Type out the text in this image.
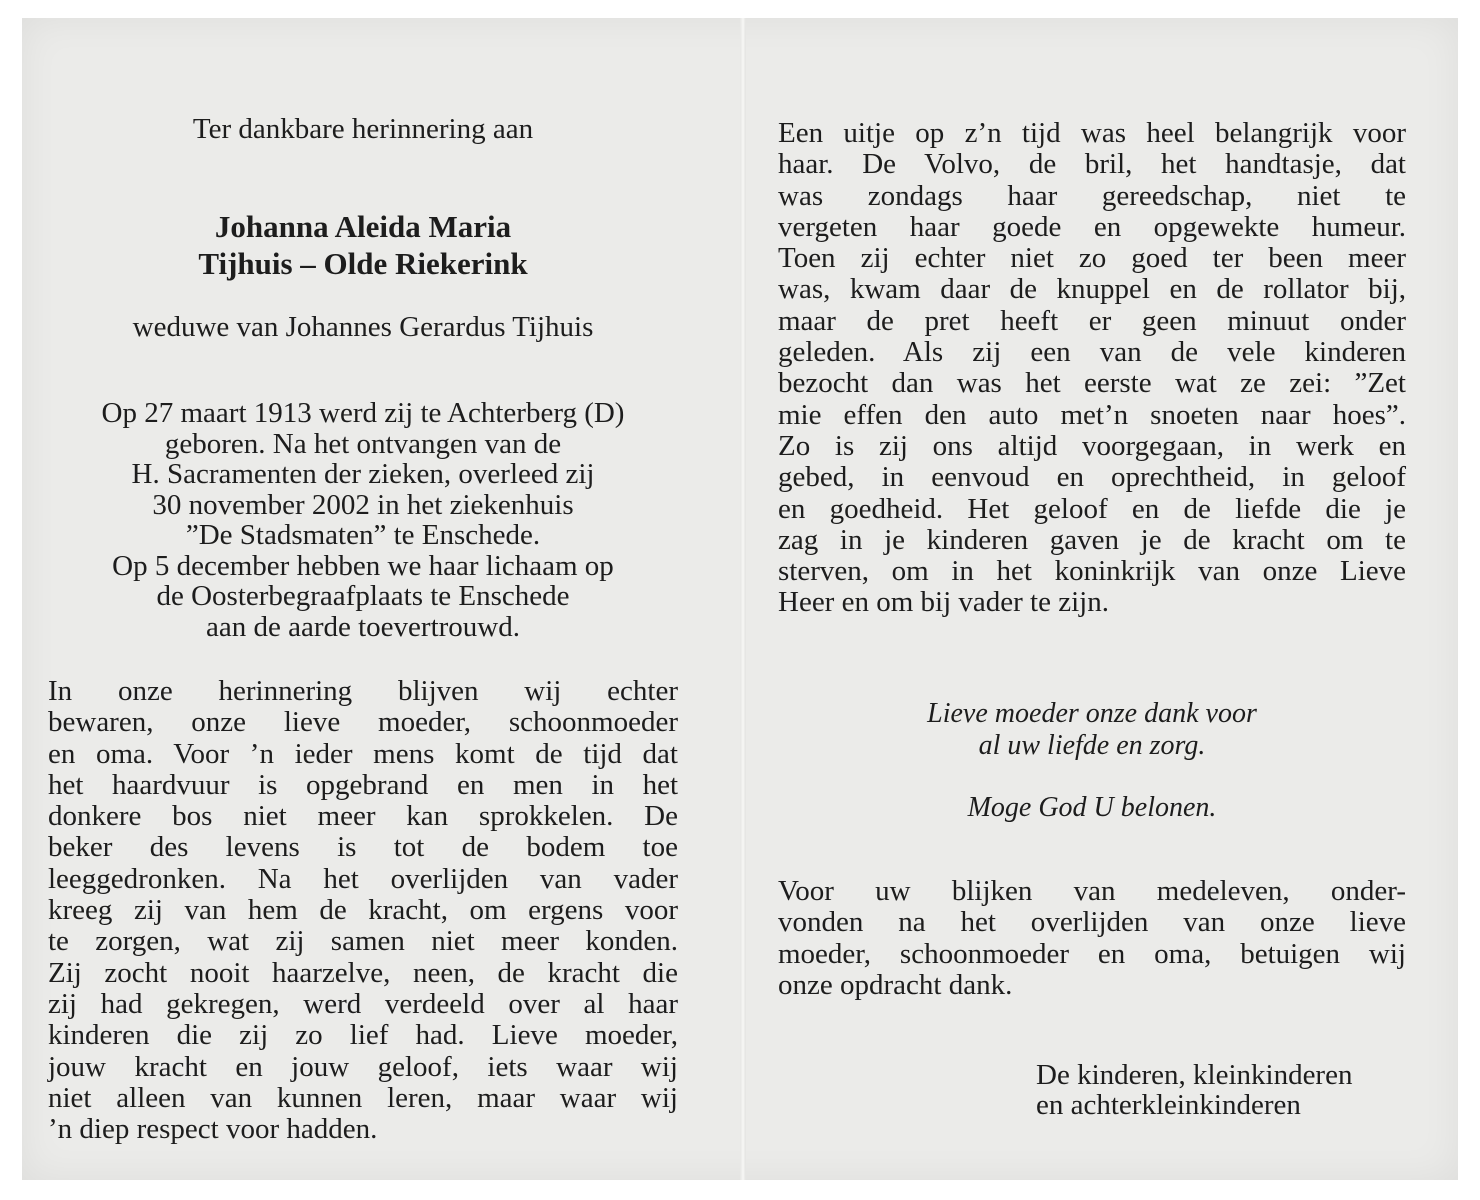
Ter dankbare herinnering aan
Johanna Aleida Maria
Tijhuis – Olde Riekerink
weduwe van Johannes Gerardus Tijhuis
Op 27 maart 1913 werd zij te Achterberg (D)
geboren. Na het ontvangen van de
H. Sacramenten der zieken, overleed zij
30 november 2002 in het ziekenhuis
”De Stadsmaten” te Enschede.
Op 5 december hebben we haar lichaam op
de Oosterbegraafplaats te Enschede
aan de aarde toevertrouwd.
In onze herinnering blijven wij echter
bewaren, onze lieve moeder, schoonmoeder
en oma. Voor ’n ieder mens komt de tijd dat
het haardvuur is opgebrand en men in het
donkere bos niet meer kan sprokkelen. De
beker des levens is tot de bodem toe
leeggedronken. Na het overlijden van vader
kreeg zij van hem de kracht, om ergens voor
te zorgen, wat zij samen niet meer konden.
Zij zocht nooit haarzelve, neen, de kracht die
zij had gekregen, werd verdeeld over al haar
kinderen die zij zo lief had. Lieve moeder,
jouw kracht en jouw geloof, iets waar wij
niet alleen van kunnen leren, maar waar wij
’n diep respect voor hadden.
Een uitje op z’n tijd was heel belangrijk voor
haar. De Volvo, de bril, het handtasje, dat
was zondags haar gereedschap, niet te
vergeten haar goede en opgewekte humeur.
Toen zij echter niet zo goed ter been meer
was, kwam daar de knuppel en de rollator bij,
maar de pret heeft er geen minuut onder
geleden. Als zij een van de vele kinderen
bezocht dan was het eerste wat ze zei: ”Zet
mie effen den auto met’n snoeten naar hoes”.
Zo is zij ons altijd voorgegaan, in werk en
gebed, in eenvoud en oprechtheid, in geloof
en goedheid. Het geloof en de liefde die je
zag in je kinderen gaven je de kracht om te
sterven, om in het koninkrijk van onze Lieve
Heer en om bij vader te zijn.
Lieve moeder onze dank voor
al uw liefde en zorg.
Moge God U belonen.
Voor uw blijken van medeleven, onder-
vonden na het overlijden van onze lieve
moeder, schoonmoeder en oma, betuigen wij
onze opdracht dank.
De kinderen, kleinkinderen
en achterkleinkinderen
